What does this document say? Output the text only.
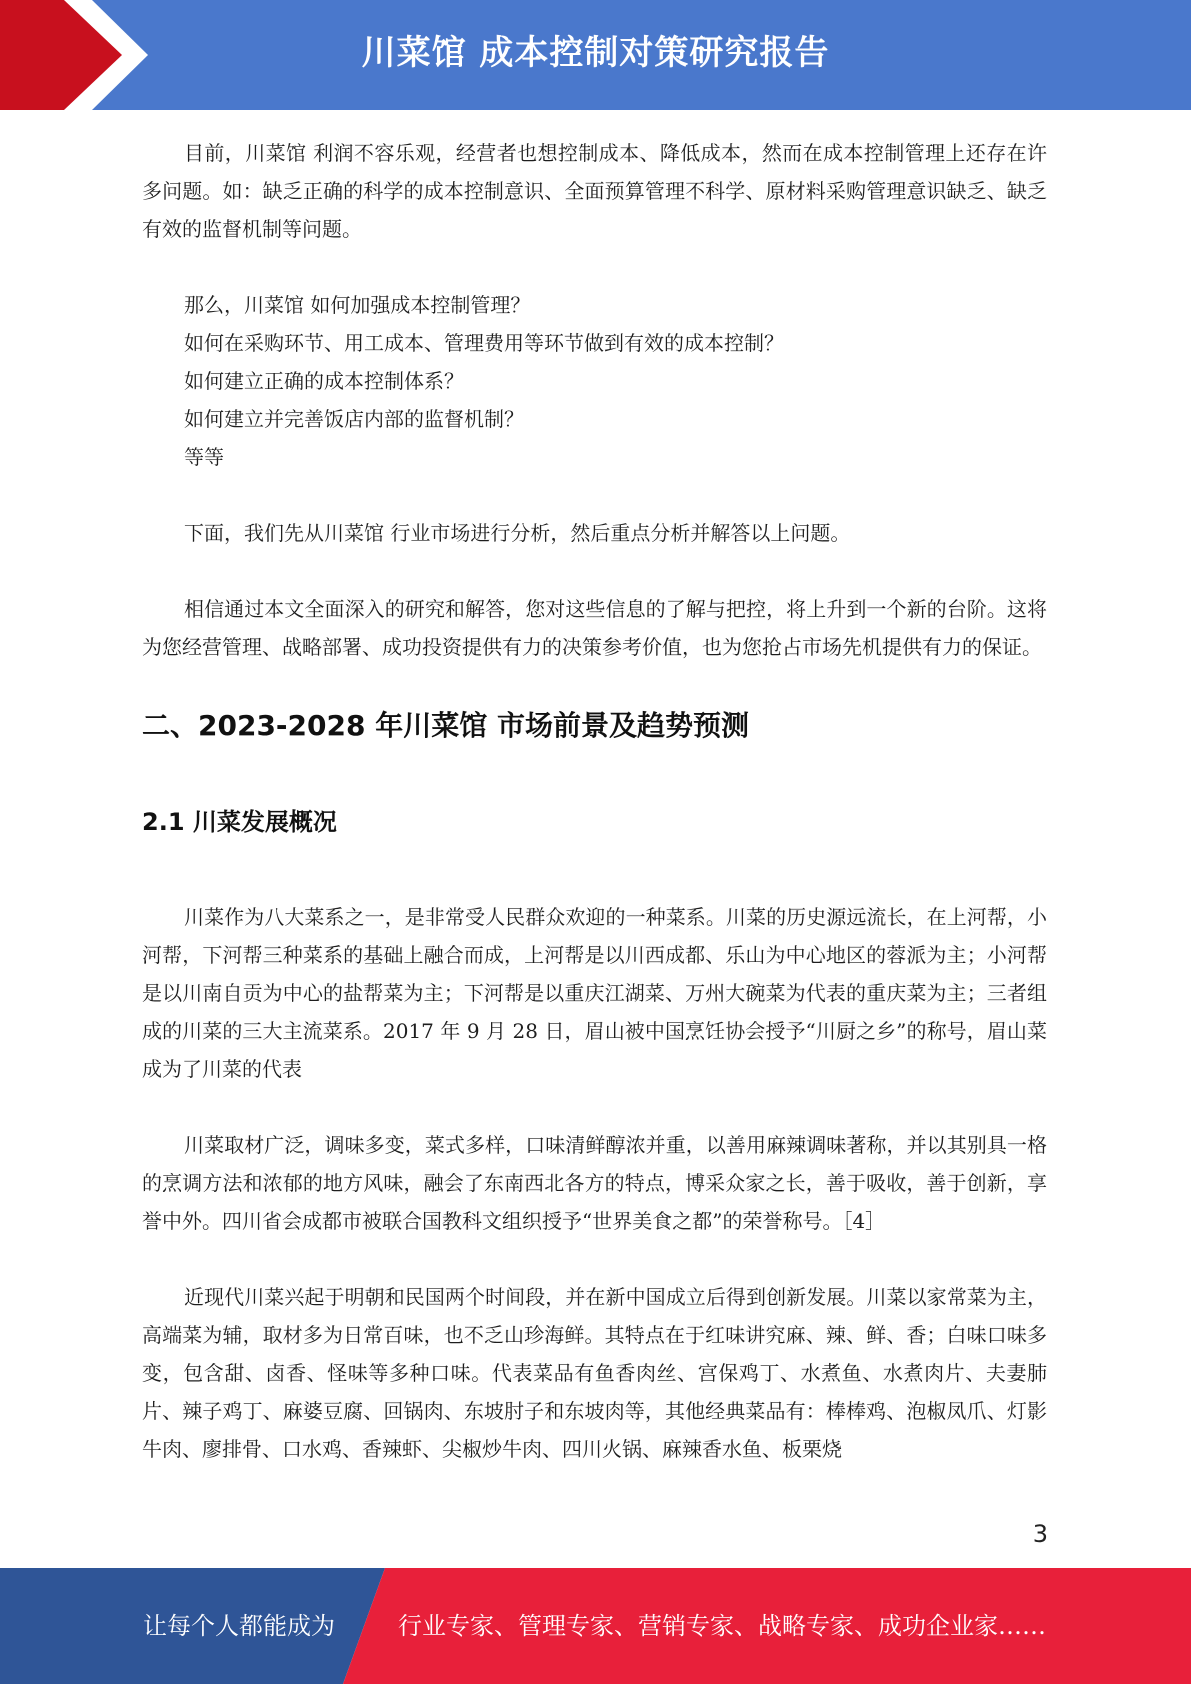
川菜馆 成本控制对策研究报告

目前，川菜馆 利润不容乐观，经营者也想控制成本、降低成本，然而在成本控制管理上还存在许多问题。如：缺乏正确的科学的成本控制意识、全面预算管理不科学、原材料采购管理意识缺乏、缺乏有效的监督机制等问题。

那么，川菜馆 如何加强成本控制管理？

如何在采购环节、用工成本、管理费用等环节做到有效的成本控制？

如何建立正确的成本控制体系？

如何建立并完善饭店内部的监督机制？

等等

下面，我们先从川菜馆 行业市场进行分析，然后重点分析并解答以上问题。

相信通过本文全面深入的研究和解答，您对这些信息的了解与把控，将上升到一个新的台阶。这将为您经营管理、战略部署、成功投资提供有力的决策参考价值，也为您抢占市场先机提供有力的保证。

二、2023-2028 年川菜馆 市场前景及趋势预测
2.1 川菜发展概况

川菜作为八大菜系之一，是非常受人民群众欢迎的一种菜系。川菜的历史源远流长，在上河帮，小河帮，下河帮三种菜系的基础上融合而成，上河帮是以川西成都、乐山为中心地区的蓉派为主；小河帮是以川南自贡为中心的盐帮菜为主；下河帮是以重庆江湖菜、万州大碗菜为代表的重庆菜为主；三者组成的川菜的三大主流菜系。2017 年 9 月 28 日，眉山被中国烹饪协会授予“川厨之乡”的称号，眉山菜成为了川菜的代表

川菜取材广泛，调味多变，菜式多样，口味清鲜醇浓并重，以善用麻辣调味著称，并以其别具一格的烹调方法和浓郁的地方风味，融会了东南西北各方的特点，博采众家之长，善于吸收，善于创新，享誉中外。四川省会成都市被联合国教科文组织授予“世界美食之都”的荣誉称号。［4］

近现代川菜兴起于明朝和民国两个时间段，并在新中国成立后得到创新发展。川菜以家常菜为主，高端菜为辅，取材多为日常百味，也不乏山珍海鲜。其特点在于红味讲究麻、辣、鲜、香；白味口味多变，包含甜、卤香、怪味等多种口味。代表菜品有鱼香肉丝、宫保鸡丁、水煮鱼、水煮肉片、夫妻肺片、辣子鸡丁、麻婆豆腐、回锅肉、东坡肘子和东坡肉等，其他经典菜品有：棒棒鸡、泡椒凤爪、灯影牛肉、廖排骨、口水鸡、香辣虾、尖椒炒牛肉、四川火锅、麻辣香水鱼、板栗烧

3
让每个人都能成为	行业专家、管理专家、营销专家、战略专家、成功企业家……
